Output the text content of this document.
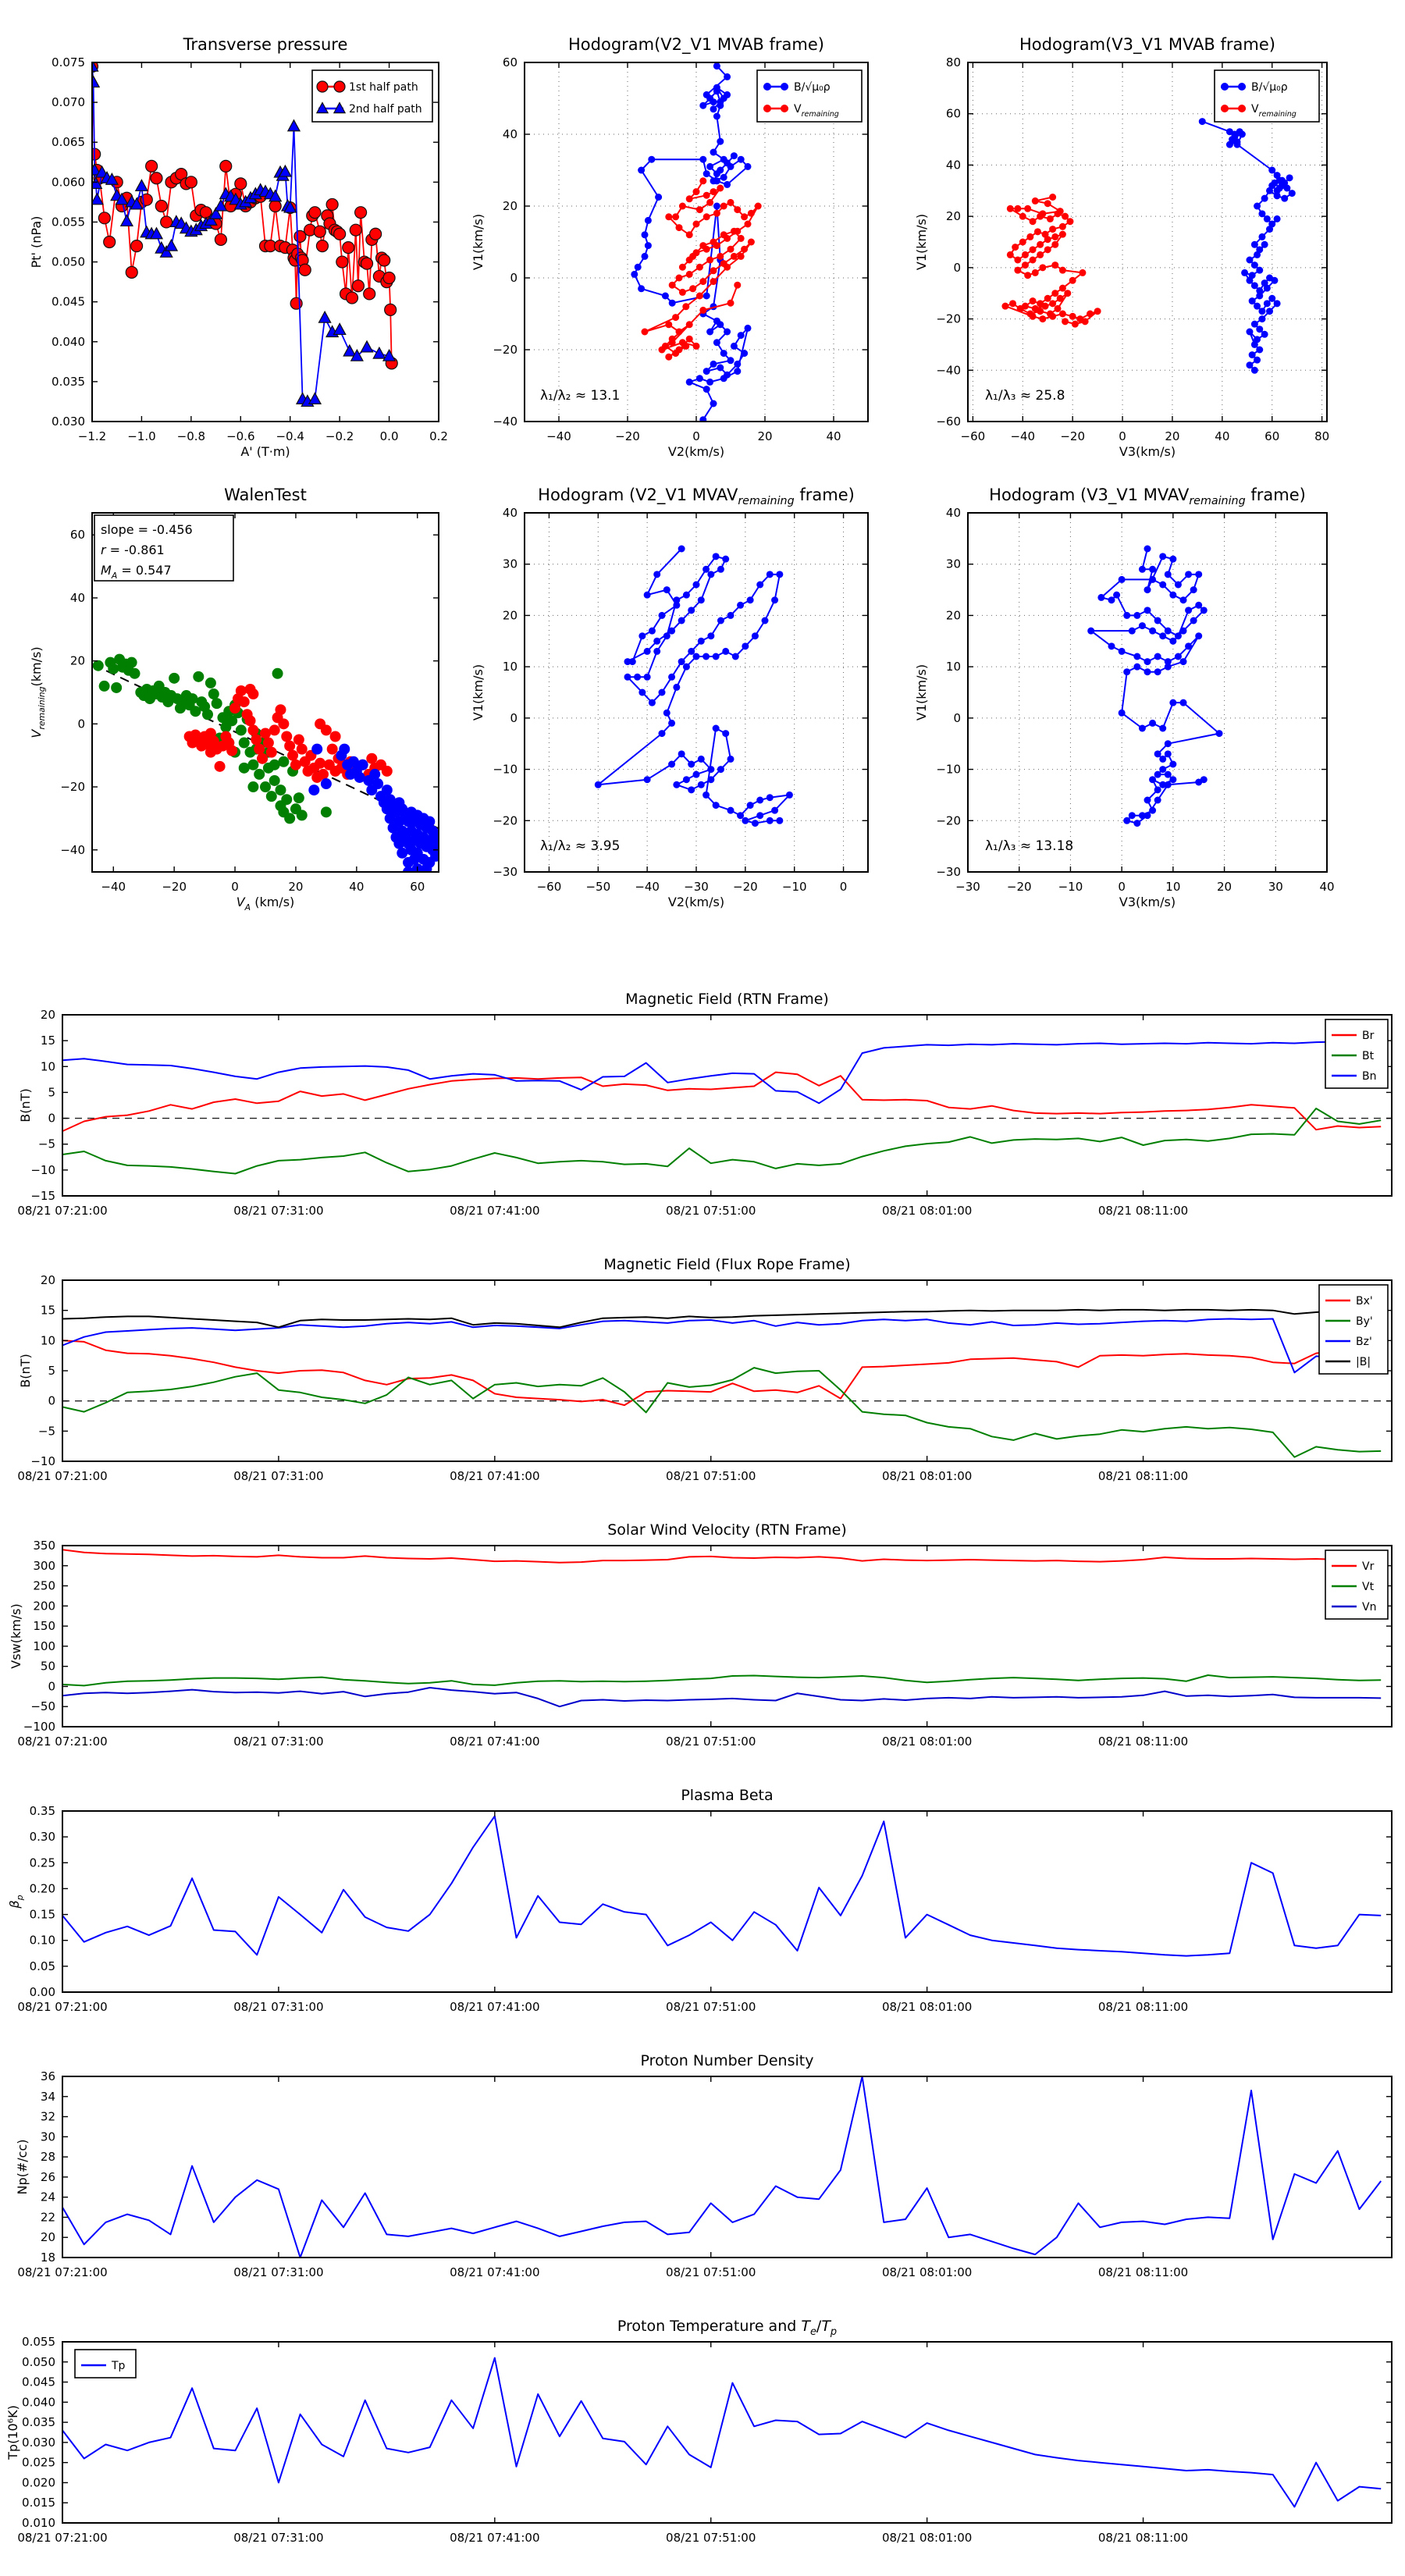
−1.2 −1.0 −0.8 −0.6 −0.4 −0.2 0.0	0.2
0.030
0.035
0.040
0.045
0.050
0.055
0.060
0.065
0.070
0.075
Transverse pressure
A' (T·m)
Pt' (nPa)
1st half path
2nd half path
−40	−20	0	20	40
−40
−20
0
20
40
60
Hodogram(V2_V1 MVAB frame)
V2(km/s)
V1(km/s)
B/√μ₀ρ
$V_{remaining}$
λ₁/λ₂ ≈ 13.1
−60 −40 −20	0	20	40	60	80
−60
−40
−20
0
20
40
60
80
Hodogram(V3_V1 MVAB frame)
V3(km/s)
V1(km/s)
B/√μ₀ρ
$V_{remaining}$
λ₁/λ₃ ≈ 25.8
−40	−20	0	20	40	60
−40
−20
0
20
40
60
WalenTest
$V_A$ (km/s)
$V_{remaining}(km/s)$
slope = -0.456
r = -0.861
$M_A = 0.547$
−60 −50 −40 −30 −20 −10	0
−30
−20
−10
0
10
20
30
40
Hodogram (V2_V1 $MVAV_{remaining}$ frame)
V2(km/s)
V1(km/s)
λ₁/λ₂ ≈ 3.95
−30 −20 −10	0	10	20	30	40
−30
−20
−10
0
10
20
30
40
Hodogram (V3_V1 $MVAV_{remaining}$ frame)
V3(km/s)
V1(km/s)
λ₁/λ₃ ≈ 13.18
08/21 07:21:00	08/21 07:31:00	08/21 07:41:00	08/21 07:51:00	08/21 08:01:00	08/21 08:11:00
−15
−10
−5
0
5
10
15
20
Magnetic Field (RTN Frame)
B(nT)
Br
Bt
Bn
08/21 07:21:00	08/21 07:31:00	08/21 07:41:00	08/21 07:51:00	08/21 08:01:00	08/21 08:11:00
−10
−5
0
5
10
15
20
Magnetic Field (Flux Rope Frame)
B(nT)
Bx'
By'
Bz'
|B|
08/21 07:21:00	08/21 07:31:00	08/21 07:41:00	08/21 07:51:00	08/21 08:01:00	08/21 08:11:00
−100
−50
0
50
100
150
200
250
300
350
Solar Wind Velocity (RTN Frame)
Vsw(km/s)
Vr
Vt
Vn
08/21 07:21:00	08/21 07:31:00	08/21 07:41:00	08/21 07:51:00	08/21 08:01:00	08/21 08:11:00
0.00
0.05
0.10
0.15
0.20
0.25
0.30
0.35
Plasma Beta
$\beta_p$
08/21 07:21:00	08/21 07:31:00	08/21 07:41:00	08/21 07:51:00	08/21 08:01:00	08/21 08:11:00
18
20
22
24
26
28
30
32
34
36
Proton Number Density
Np(#/cc)
08/21 07:21:00	08/21 07:31:00	08/21 07:41:00	08/21 07:51:00	08/21 08:01:00	08/21 08:11:00
0.010
0.015
0.020
0.025
0.030
0.035
0.040
0.045
0.050
0.055
Proton Temperature and $T_e/T_p$
Tp(10⁶K)
Tp
